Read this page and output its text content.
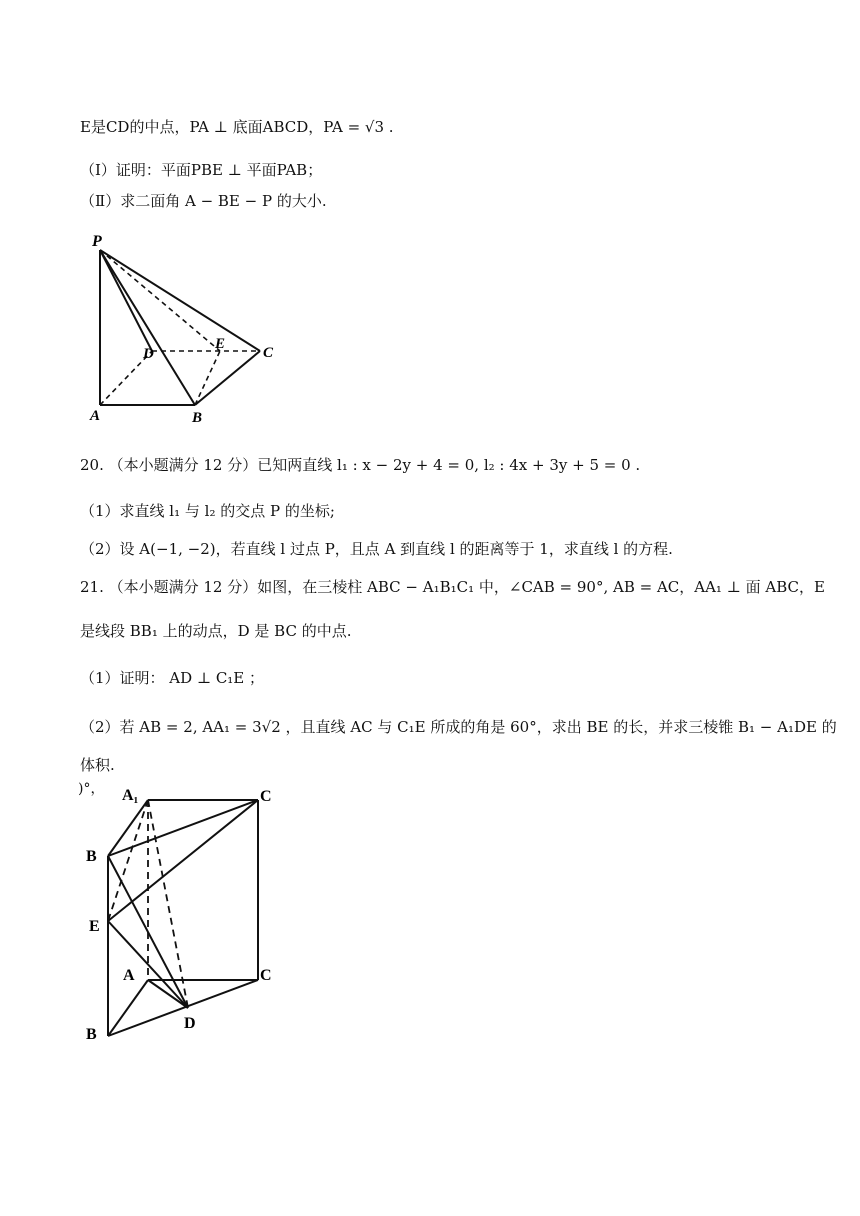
E是CD的中点，PA ⊥ 底面ABCD，PA = √3 .
（I）证明：平面PBE ⊥ 平面PAB；
（Ⅱ）求二面角 A − BE − P 的大小.
P
D
E
C
A	B
20. （本小题满分 12 分）已知两直线 l₁ : x − 2y + 4 = 0, l₂ : 4x + 3y + 5 = 0 .
（1）求直线 l₁ 与 l₂ 的交点 P 的坐标;
（2）设 A(−1, −2)，若直线 l 过点 P，且点 A 到直线 l 的距离等于 1，求直线 l 的方程.
21. （本小题满分 12 分）如图，在三棱柱 ABC − A₁B₁C₁ 中，∠CAB = 90°, AB = AC，AA₁ ⊥ 面 ABC，E
是线段 BB₁ 上的动点，D 是 BC 的中点.
（1）证明： AD ⊥ C₁E ；
（2）若 AB = 2, AA₁ = 3√2 ，且直线 AC 与 C₁E 所成的角是 60°，求出 BE 的长，并求三棱锥 B₁ − A₁DE 的
体积.
)°， A₁	C
B
E
A	C
D
B
